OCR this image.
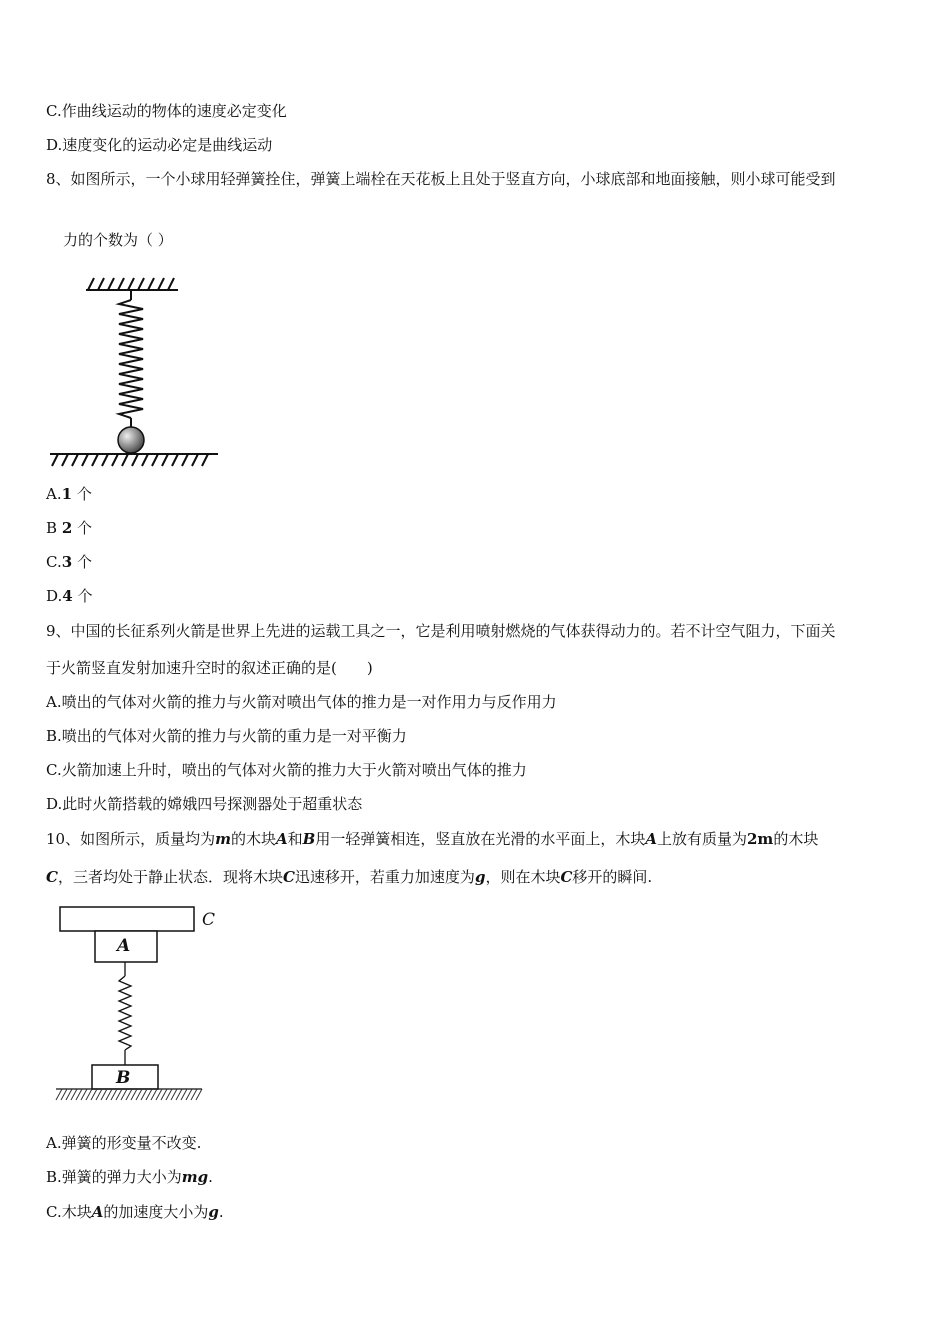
C.作曲线运动的物体的速度必定变化
D.速度变化的运动必定是曲线运动
8、如图所示，一个小球用轻弹簧拴住，弹簧上端栓在天花板上且处于竖直方向，小球底部和地面接触，则小球可能受到
力的个数为（ ）
A.1 个
B 2 个
C.3 个
D.4 个
9、中国的长征系列火箭是世界上先进的运载工具之一，它是利用喷射燃烧的气体获得动力的。若不计空气阻力，下面关
于火箭竖直发射加速升空时的叙述正确的是(　　)
A.喷出的气体对火箭的推力与火箭对喷出气体的推力是一对作用力与反作用力
B.喷出的气体对火箭的推力与火箭的重力是一对平衡力
C.火箭加速上升时，喷出的气体对火箭的推力大于火箭对喷出气体的推力
D.此时火箭搭载的嫦娥四号探测器处于超重状态
10、如图所示，质量均为m的木块A和B用一轻弹簧相连，竖直放在光滑的水平面上，木块A上放有质量为2m的木块
C，三者均处于静止状态．现将木块C迅速移开，若重力加速度为g，则在木块C移开的瞬间.
C
A
B
A.弹簧的形变量不改变.
B.弹簧的弹力大小为mg.
C.木块A的加速度大小为g.
